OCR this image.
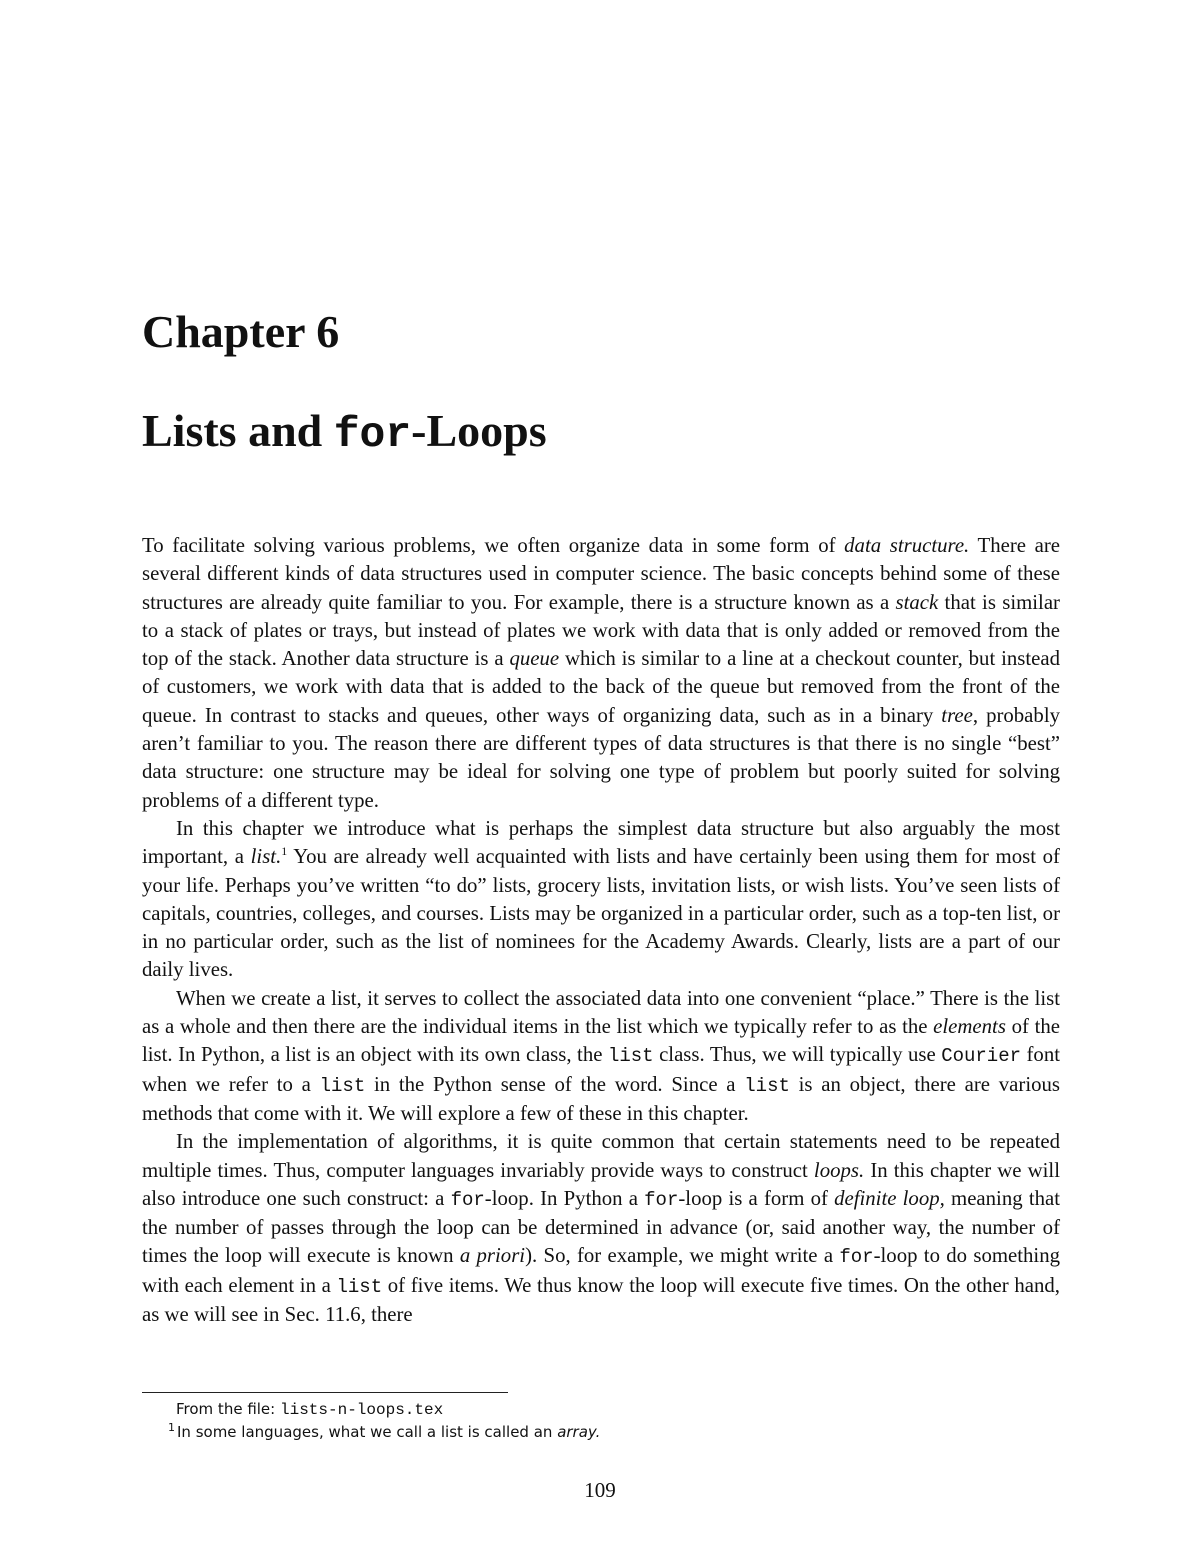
Chapter 6
Lists and for-Loops

To facilitate solving various problems, we often organize data in some form of data structure. There are several different kinds of data structures used in computer science. The basic concepts behind some of these structures are already quite familiar to you. For example, there is a structure known as a stack that is similar to a stack of plates or trays, but instead of plates we work with data that is only added or removed from the top of the stack. Another data structure is a queue which is similar to a line at a checkout counter, but instead of customers, we work with data that is added to the back of the queue but removed from the front of the queue. In contrast to stacks and queues, other ways of organizing data, such as in a binary tree, probably aren’t familiar to you. The reason there are different types of data structures is that there is no single “best” data structure: one structure may be ideal for solving one type of problem but poorly suited for solving problems of a different type.

In this chapter we introduce what is perhaps the simplest data structure but also arguably the most important, a list.$^1$ You are already well acquainted with lists and have certainly been using them for most of your life. Perhaps you’ve written “to do” lists, grocery lists, invitation lists, or wish lists. You’ve seen lists of capitals, countries, colleges, and courses. Lists may be organized in a particular order, such as a top-ten list, or in no particular order, such as the list of nominees for the Academy Awards. Clearly, lists are a part of our daily lives.

When we create a list, it serves to collect the associated data into one convenient “place.” There is the list as a whole and then there are the individual items in the list which we typically refer to as the elements of the list. In Python, a list is an object with its own class, the list class. Thus, we will typically use Courier font when we refer to a list in the Python sense of the word. Since a list is an object, there are various methods that come with it. We will explore a few of these in this chapter.

In the implementation of algorithms, it is quite common that certain statements need to be repeated multiple times. Thus, computer languages invariably provide ways to construct loops. In this chapter we will also introduce one such construct: a for-loop. In Python a for-loop is a form of definite loop, meaning that the number of passes through the loop can be determined in advance (or, said another way, the number of times the loop will execute is known a priori). So, for example, we might write a for-loop to do something with each element in a list of five items. We thus know the loop will execute five times. On the other hand, as we will see in Sec. 11.6, there

From the file: lists-n-loops.tex
$^1$ In some languages, what we call a list is called an array.
109
